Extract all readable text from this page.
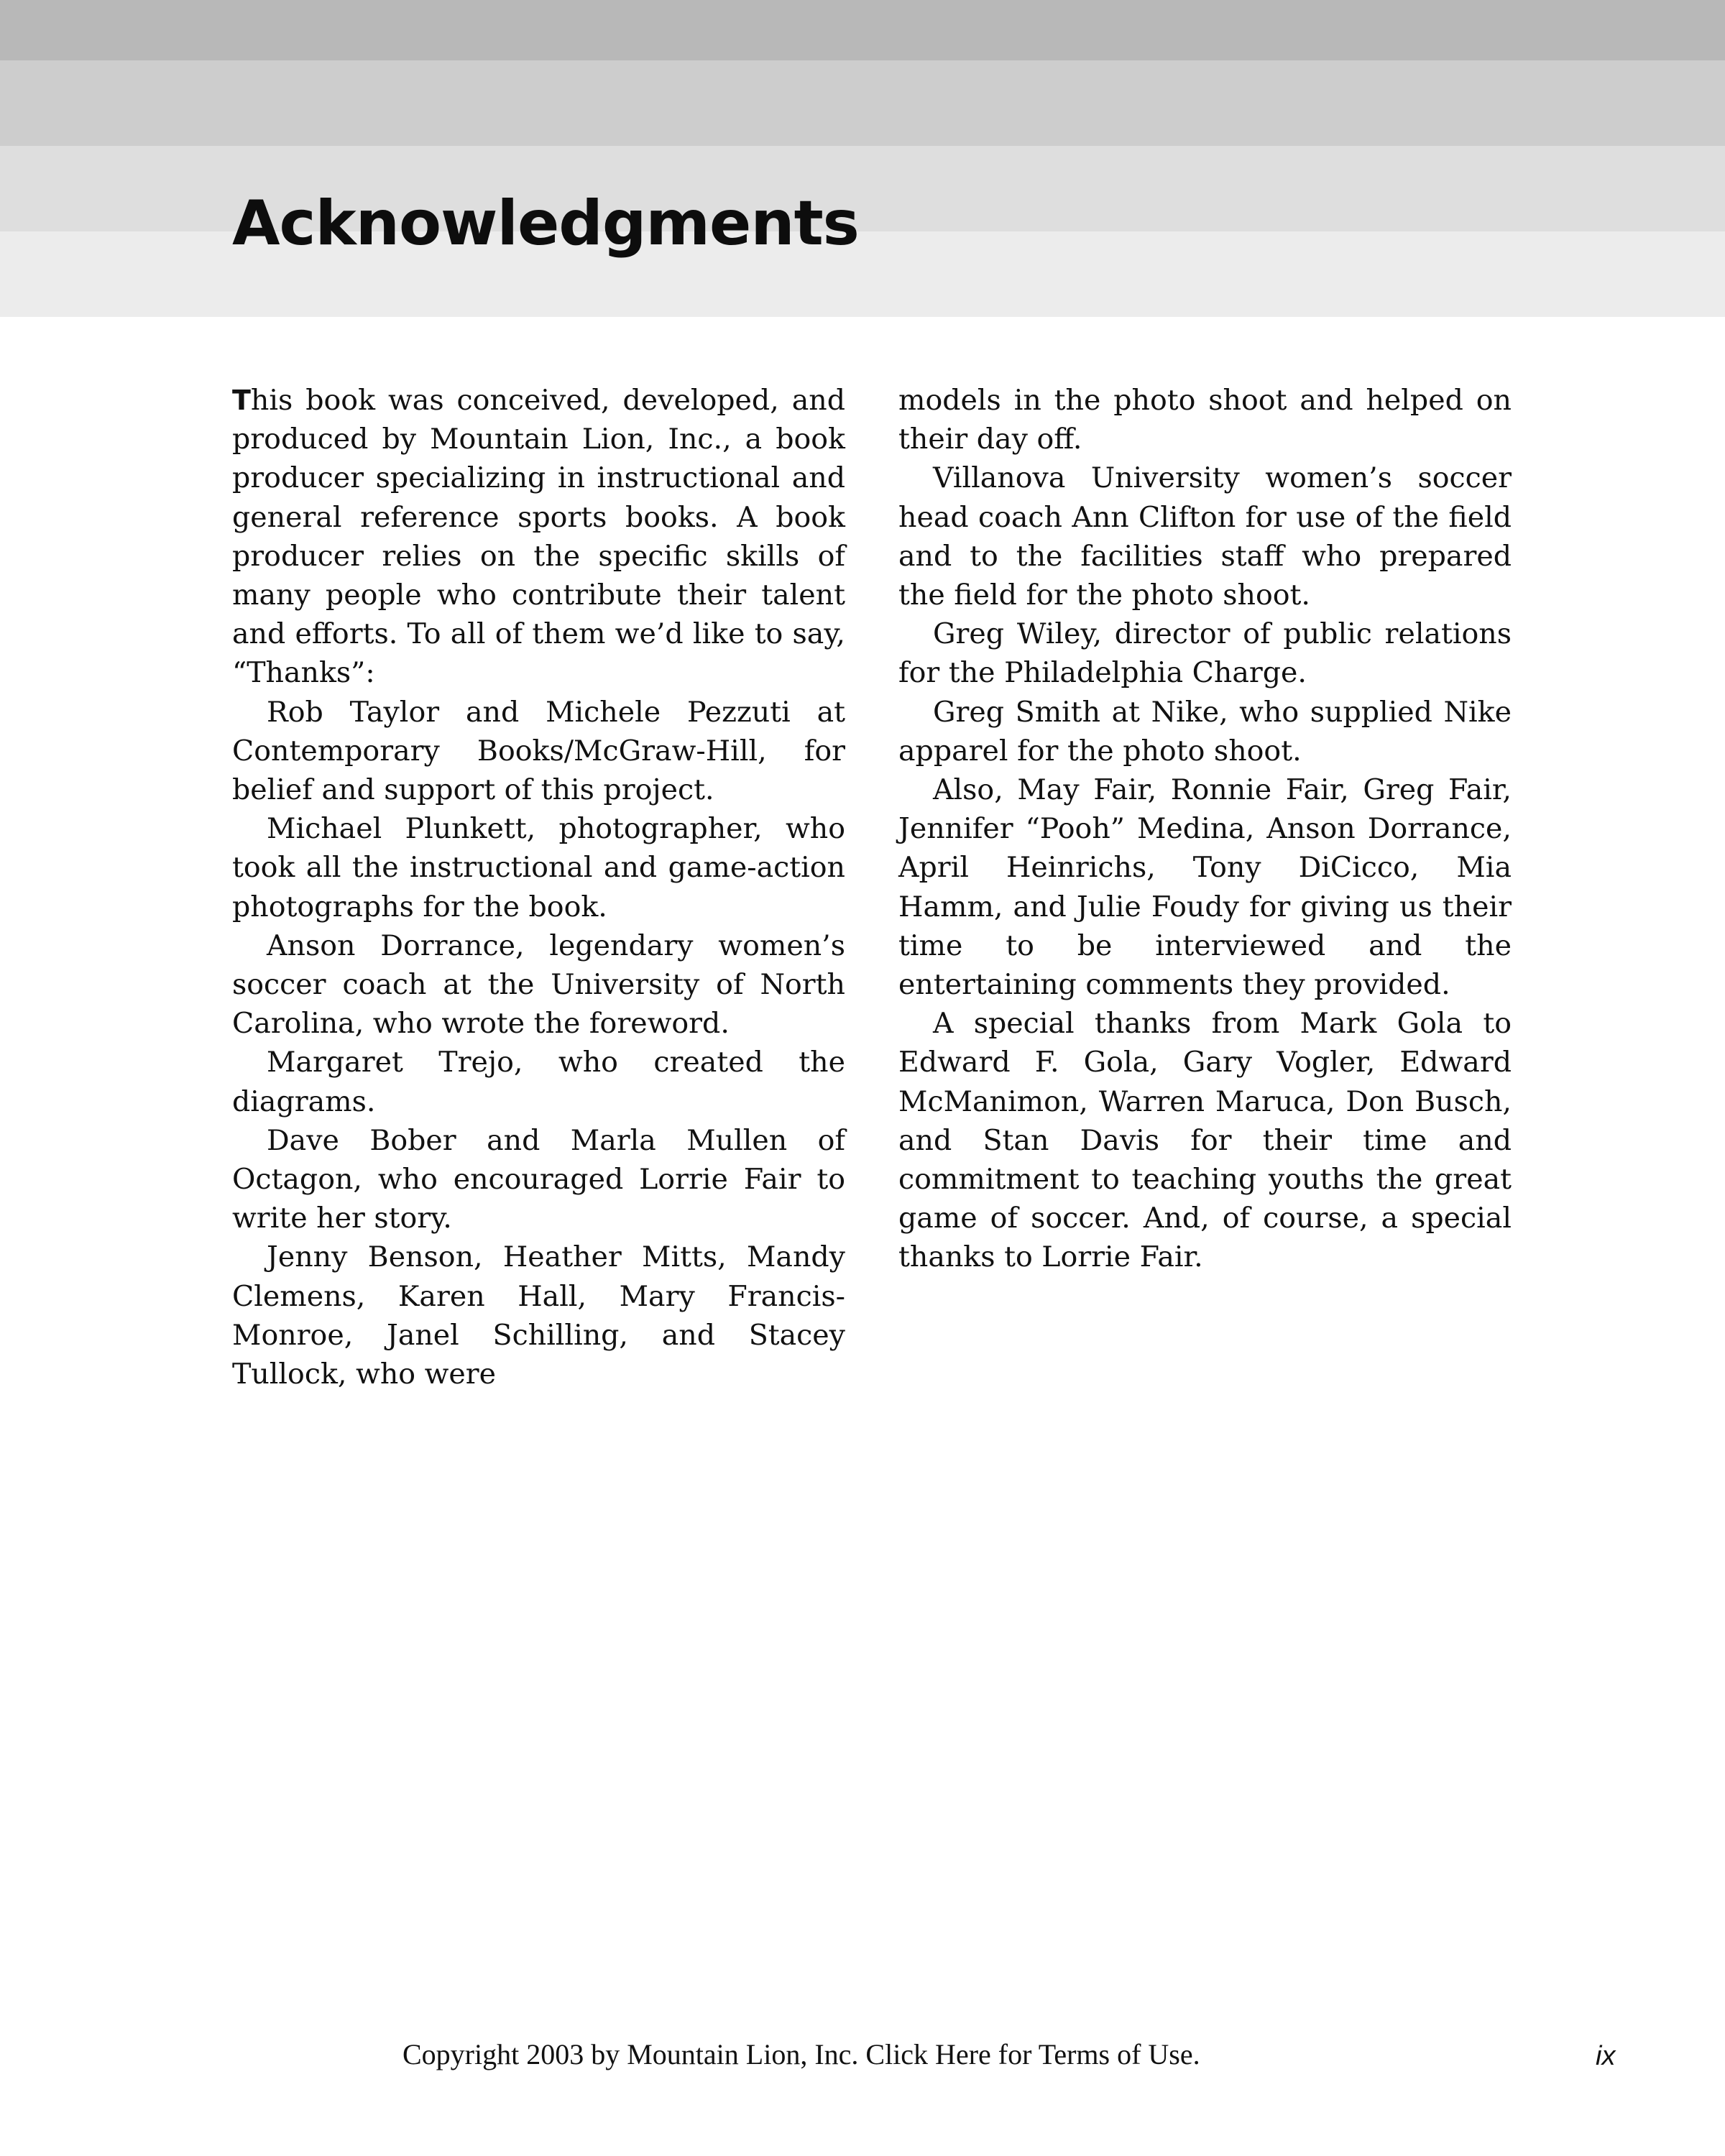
Acknowledgments

This book was conceived, developed, and produced by Mountain Lion, Inc., a book producer specializing in instructional and general reference sports books. A book producer relies on the specific skills of many people who contribute their talent and efforts. To all of them we’d like to say, “Thanks”:

Rob Taylor and Michele Pezzuti at Contemporary Books/McGraw-Hill, for belief and support of this project.

Michael Plunkett, photographer, who took all the instructional and game-action photographs for the book.

Anson Dorrance, legendary women’s soccer coach at the University of North Carolina, who wrote the foreword.

Margaret Trejo, who created the diagrams.

Dave Bober and Marla Mullen of Octagon, who encouraged Lorrie Fair to write her story.

Jenny Benson, Heather Mitts, Mandy Clemens, Karen Hall, Mary Francis-Monroe, Janel Schilling, and Stacey Tullock, who were

models in the photo shoot and helped on their day off.

Villanova University women’s soccer head coach Ann Clifton for use of the field and to the facilities staff who prepared the field for the photo shoot.

Greg Wiley, director of public relations for the Philadelphia Charge.

Greg Smith at Nike, who supplied Nike apparel for the photo shoot.

Also, May Fair, Ronnie Fair, Greg Fair, Jennifer “Pooh” Medina, Anson Dorrance, April Heinrichs, Tony DiCicco, Mia Hamm, and Julie Foudy for giving us their time to be interviewed and the entertaining comments they provided.

A special thanks from Mark Gola to Edward F. Gola, Gary Vogler, Edward McManimon, Warren Maruca, Don Busch, and Stan Davis for their time and commitment to teaching youths the great game of soccer. And, of course, a special thanks to Lorrie Fair.

Copyright 2003 by Mountain Lion, Inc. Click Here for Terms of Use.	ix
